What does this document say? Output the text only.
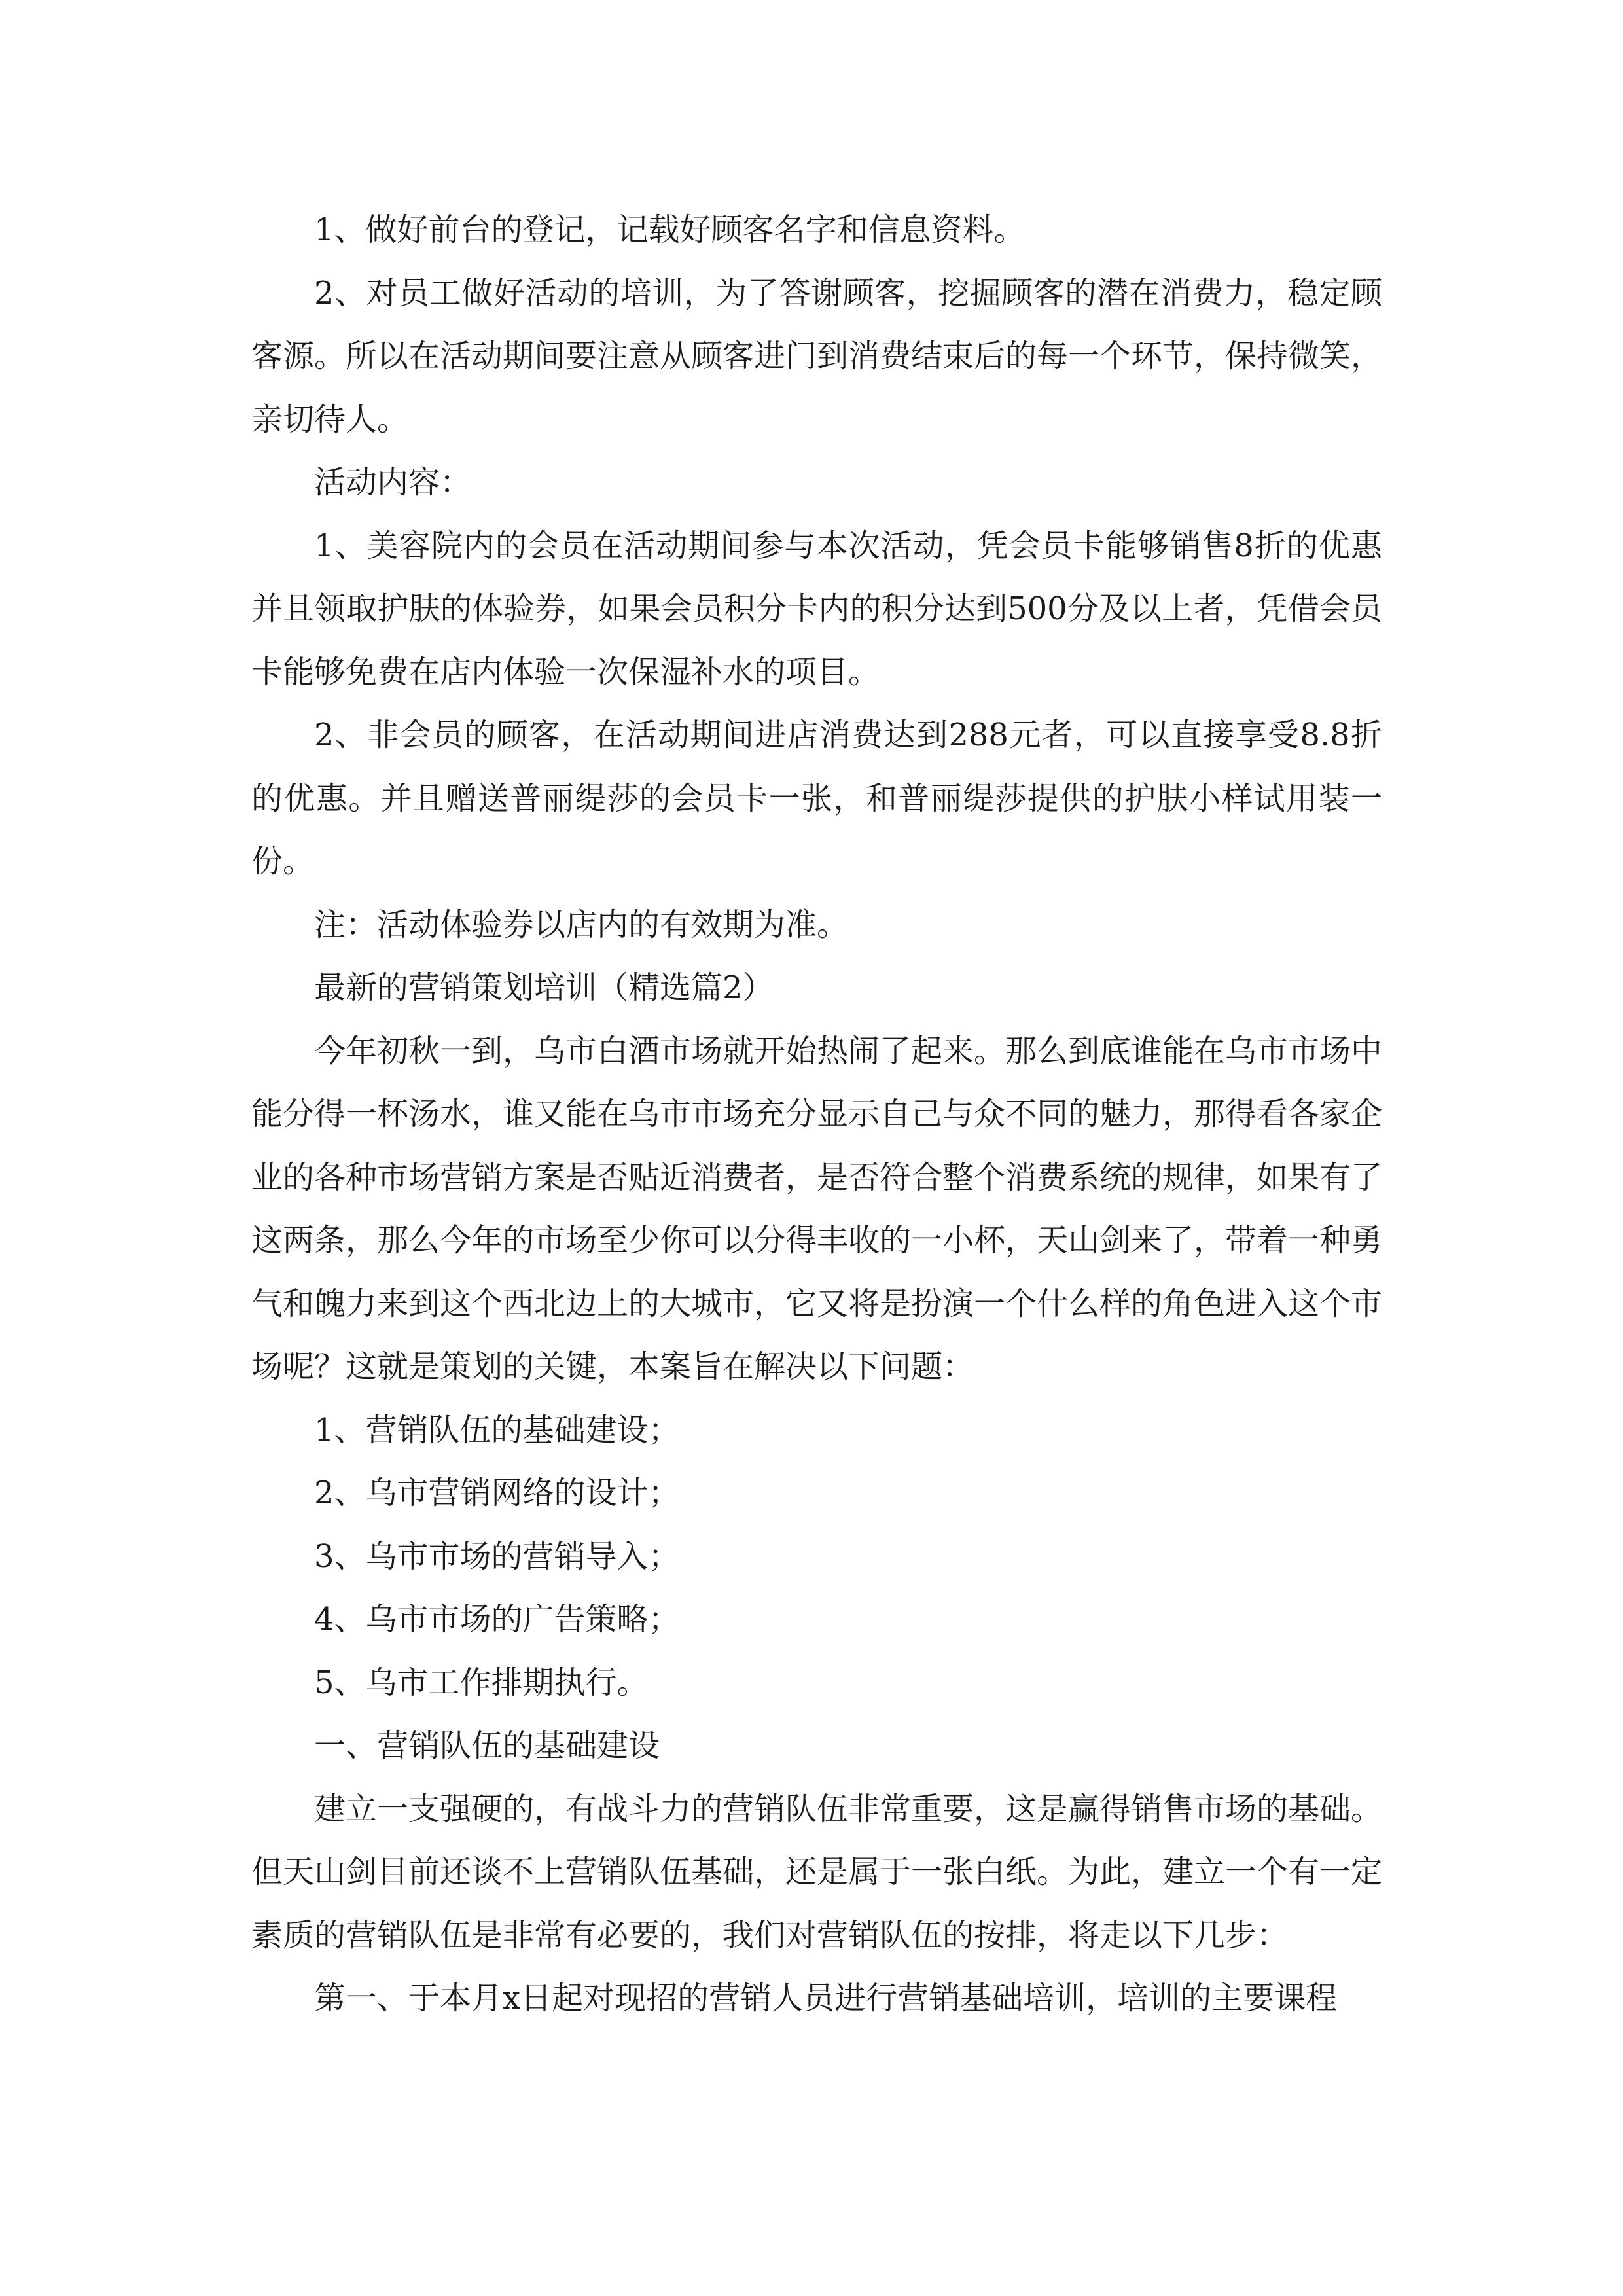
1、做好前台的登记，记载好顾客名字和信息资料。

2、对员工做好活动的培训，为了答谢顾客，挖掘顾客的潜在消费力，稳定顾客源。所以在活动期间要注意从顾客进门到消费结束后的每一个环节，保持微笑，亲切待人。

活动内容：

1、美容院内的会员在活动期间参与本次活动，凭会员卡能够销售8折的优惠并且领取护肤的体验券，如果会员积分卡内的积分达到500分及以上者，凭借会员卡能够免费在店内体验一次保湿补水的项目。

2、非会员的顾客，在活动期间进店消费达到288元者，可以直接享受8.8折的优惠。并且赠送普丽缇莎的会员卡一张，和普丽缇莎提供的护肤小样试用装一份。

注：活动体验券以店内的有效期为准。

最新的营销策划培训（精选篇2）

今年初秋一到，乌市白酒市场就开始热闹了起来。那么到底谁能在乌市市场中能分得一杯汤水，谁又能在乌市市场充分显示自己与众不同的魅力，那得看各家企业的各种市场营销方案是否贴近消费者，是否符合整个消费系统的规律，如果有了这两条，那么今年的市场至少你可以分得丰收的一小杯，天山剑来了，带着一种勇气和魄力来到这个西北边上的大城市，它又将是扮演一个什么样的角色进入这个市场呢？这就是策划的关键，本案旨在解决以下问题：

1、营销队伍的基础建设；

2、乌市营销网络的设计；

3、乌市市场的营销导入；

4、乌市市场的广告策略；

5、乌市工作排期执行。

一、营销队伍的基础建设

建立一支强硬的，有战斗力的营销队伍非常重要，这是赢得销售市场的基础。但天山剑目前还谈不上营销队伍基础，还是属于一张白纸。为此，建立一个有一定素质的营销队伍是非常有必要的，我们对营销队伍的按排，将走以下几步：

第一、于本月x日起对现招的营销人员进行营销基础培训，培训的主要课程
